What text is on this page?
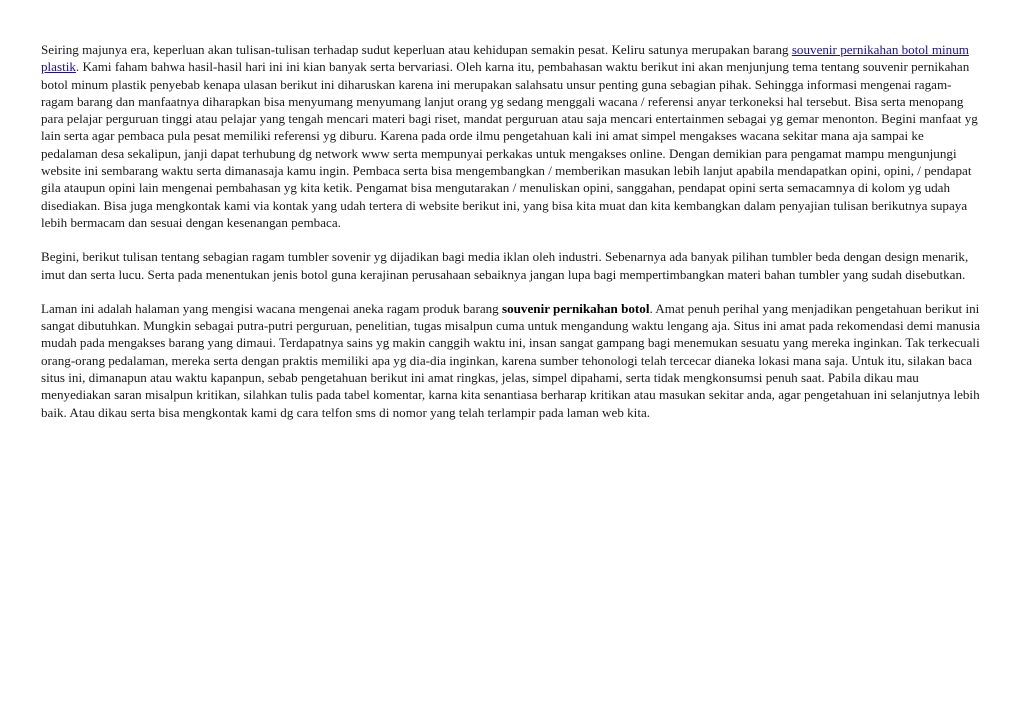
Seiring majunya era, keperluan akan tulisan-tulisan terhadap sudut keperluan atau kehidupan semakin pesat. Keliru satunya merupakan barang souvenir pernikahan botol minum plastik. Kami faham bahwa hasil-hasil hari ini ini kian banyak serta bervariasi. Oleh karna itu, pembahasan waktu berikut ini akan menjunjung tema tentang souvenir pernikahan botol minum plastik penyebab kenapa ulasan berikut ini diharuskan karena ini merupakan salahsatu unsur penting guna sebagian pihak. Sehingga informasi mengenai ragam-ragam barang dan manfaatnya diharapkan bisa menyumang menyumang lanjut orang yg sedang menggali wacana / referensi anyar terkoneksi hal tersebut. Bisa serta menopang para pelajar perguruan tinggi atau pelajar yang tengah mencari materi bagi riset, mandat perguruan atau saja mencari entertainmen sebagai yg gemar menonton. Begini manfaat yg lain serta agar pembaca pula pesat memiliki referensi yg diburu. Karena pada orde ilmu pengetahuan kali ini amat simpel mengakses wacana sekitar mana aja sampai ke pedalaman desa sekalipun, janji dapat terhubung dg network www serta mempunyai perkakas untuk mengakses online. Dengan demikian para pengamat mampu mengunjungi website ini sembarang waktu serta dimanasaja kamu ingin. Pembaca serta bisa mengembangkan / memberikan masukan lebih lanjut apabila mendapatkan opini, opini, / pendapat gila ataupun opini lain mengenai pembahasan yg kita ketik. Pengamat bisa mengutarakan / menuliskan opini, sanggahan, pendapat opini serta semacamnya di kolom yg udah disediakan. Bisa juga mengkontak kami via kontak yang udah tertera di website berikut ini, yang bisa kita muat dan kita kembangkan dalam penyajian tulisan berikutnya supaya lebih bermacam dan sesuai dengan kesenangan pembaca.

Begini, berikut tulisan tentang sebagian ragam tumbler sovenir yg dijadikan bagi media iklan oleh industri. Sebenarnya ada banyak pilihan tumbler beda dengan design menarik, imut dan serta lucu. Serta pada menentukan jenis botol guna kerajinan perusahaan sebaiknya jangan lupa bagi mempertimbangkan materi bahan tumbler yang sudah disebutkan.

Laman ini adalah halaman yang mengisi wacana mengenai aneka ragam produk barang souvenir pernikahan botol. Amat penuh perihal yang menjadikan pengetahuan berikut ini sangat dibutuhkan. Mungkin sebagai putra-putri perguruan, penelitian, tugas misalpun cuma untuk mengandung waktu lengang aja. Situs ini amat pada rekomendasi demi manusia mudah pada mengakses barang yang dimaui. Terdapatnya sains yg makin canggih waktu ini, insan sangat gampang bagi menemukan sesuatu yang mereka inginkan. Tak terkecuali orang-orang pedalaman, mereka serta dengan praktis memiliki apa yg dia-dia inginkan, karena sumber tehonologi telah tercecar dianeka lokasi mana saja. Untuk itu, silakan baca situs ini, dimanapun atau waktu kapanpun, sebab pengetahuan berikut ini amat ringkas, jelas, simpel dipahami, serta tidak mengkonsumsi penuh saat. Pabila dikau mau menyediakan saran misalpun kritikan, silahkan tulis pada tabel komentar, karna kita senantiasa berharap kritikan atau masukan sekitar anda, agar pengetahuan ini selanjutnya lebih baik. Atau dikau serta bisa mengkontak kami dg cara telfon sms di nomor yang telah terlampir pada laman web kita.
